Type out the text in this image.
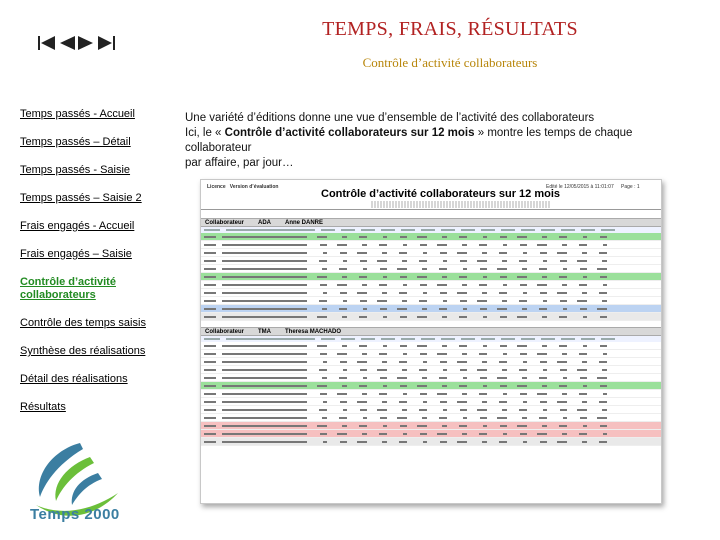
TEMPS, FRAIS, RÉSULTATS
Contrôle d’activité collaborateurs
Temps passés - Accueil
Temps passés – Détail
Temps passés - Saisie
Temps passés – Saisie 2
Frais engagés - Accueil
Frais engagés – Saisie
Contrôle d’activité collaborateurs
Contrôle des temps saisis
Synthèse des réalisations
Détail des réalisations
Résultats
Temps 2000
Une variété d’éditions donne une vue d’ensemble de l’activité des collaborateurs
Ici, le « Contrôle d’activité collaborateurs sur 12 mois » montre les temps de chaque collaborateur
par affaire, par jour…
Licence Version d’évaluation
Contrôle d’activité collaborateurs sur 12 mois
Edité le 12/05/2015 à 11:01:07 Page : 1
Collaborateur ADA Anne DANRE
Collaborateur TMA Theresa MACHADO
